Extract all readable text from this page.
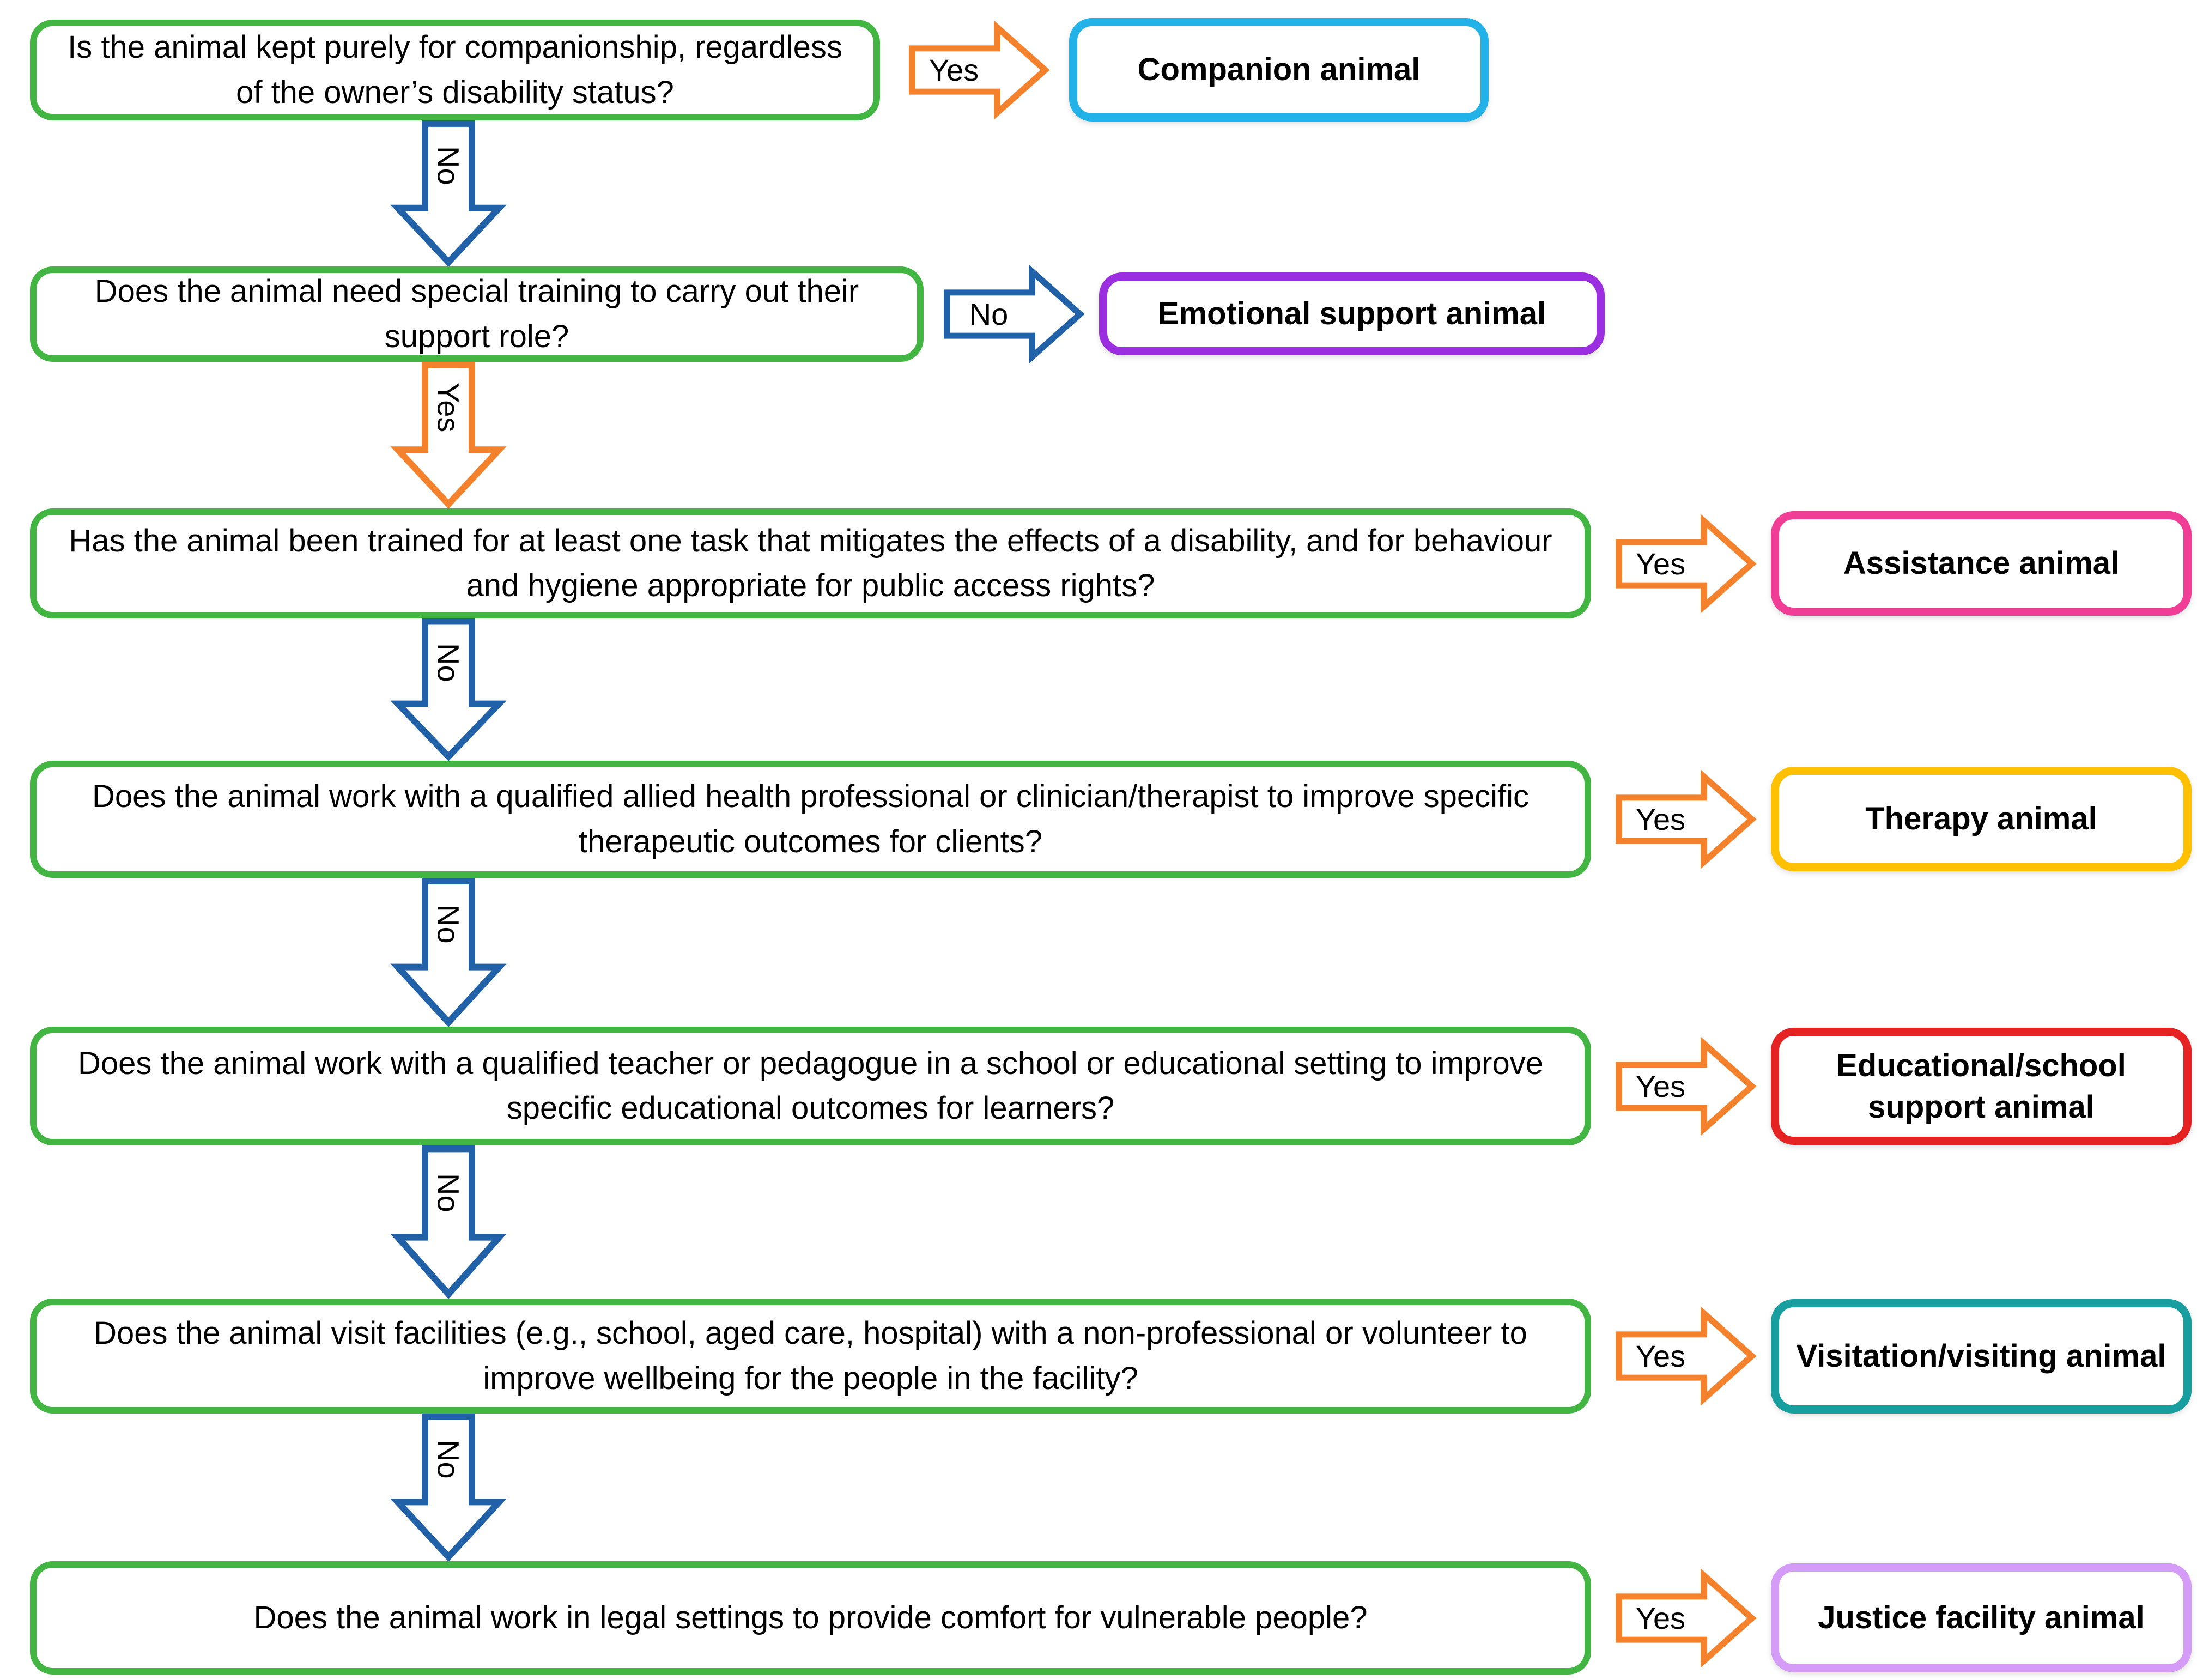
Is the animal kept purely for companionship, regardless of the owner’s disability status?
Yes	Companion animal
No
Does the animal need special training to carry out their support role?
No	Emotional support animal
Yes
Has the animal been trained for at least one task that mitigates the effects of a disability, and for behaviour and hygiene appropriate for public access rights?
Yes	Assistance animal
No
Does the animal work with a qualified allied health professional or clinician/therapist to improve specific therapeutic outcomes for clients?
Yes	Therapy animal
No
Does the animal work with a qualified teacher or pedagogue in a school or educational setting to improve specific educational outcomes for learners?
Yes
Educational/school support animal
No
Does the animal visit facilities (e.g., school, aged care, hospital) with a non-professional or volunteer to improve wellbeing for the people in the facility?
Yes	Visitation/visiting animal
No
Does the animal work in legal settings to provide comfort for vulnerable people?	Yes	Justice facility animal
